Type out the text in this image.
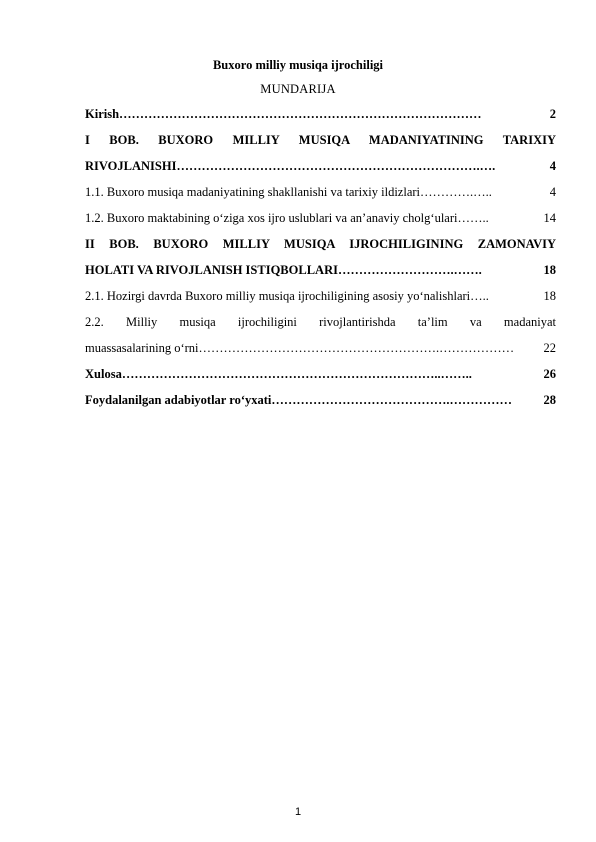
Buxoro milliy musiqa ijrochiligi
MUNDARIJA
Kirish ……………………………………………………………………………	2
I BOB. BUXORO MILLIY MUSIQA MADANIYATINING TARIXIY
RIVOJLANISHI ……………………………………………………………….….	4
1.1. Buxoro musiqa madaniyatining shakllanishi va tarixiy ildizlari ………….…..	4
1.2. Buxoro maktabining o‘ziga xos ijro uslublari va an’anaviy cholg‘ulari ……..	14
II BOB. BUXORO MILLIY MUSIQA IJROCHILIGINING ZAMONAVIY
HOLATI VA RIVOJLANISH ISTIQBOLLARI ……………………….…….	18
2.1. Hozirgi davrda Buxoro milliy musiqa ijrochiligining asosiy yo‘nalishlari …..	18
2.2. Milliy musiqa ijrochiligini rivojlantirishda ta’lim va madaniyat
muassasalarining o‘rni ………………………………………………….………………	22
Xulosa …………………………………………………………………..……..	26
Foydalanilgan adabiyotlar ro‘yxati …………………………………….……………	28
1
